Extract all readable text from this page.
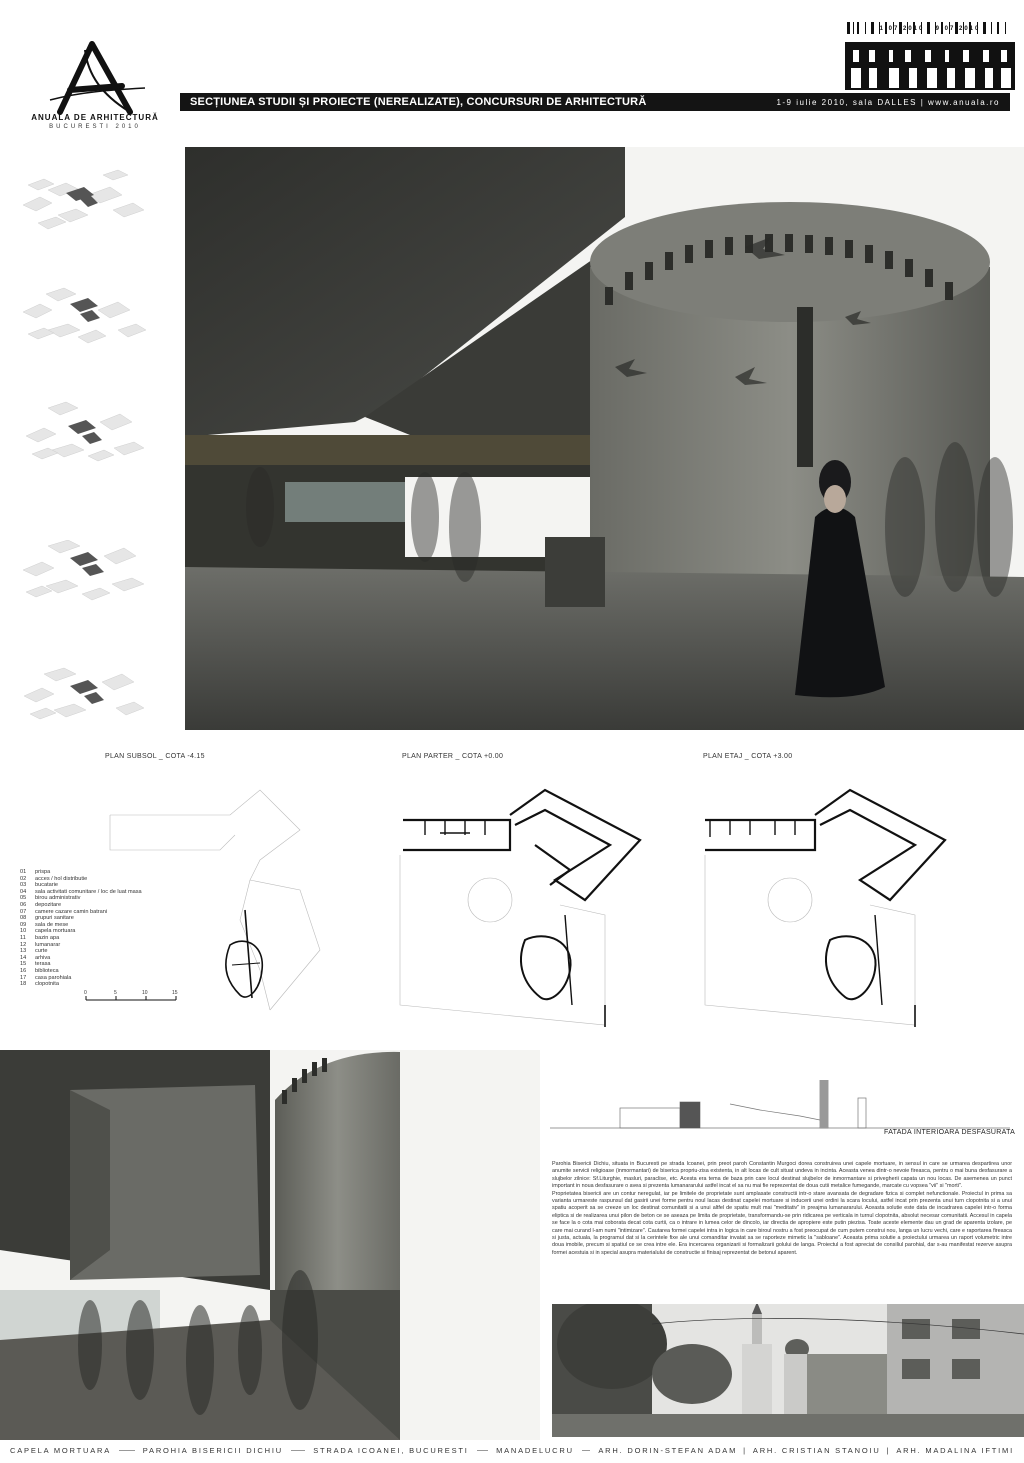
ANUALA DE ARHITECTURĂ
BUCURESTI 2010
1 07 2010 - 9 07 2010
SECȚIUNEA STUDII ȘI PROIECTE (NEREALIZATE), CONCURSURI DE ARHITECTURĂ	1-9 iulie 2010, sala DALLES | www.anuala.ro
PLAN SUBSOL _ COTA -4.15	PLAN PARTER _ COTA +0.00	PLAN ETAJ _ COTA +3.00
0	5	10	15
01 prispa
02 acces / hol distributie
03 bucatarie
04 sala activitati comunitare / loc de luat masa
05 birou administrativ
06 depozitare
07 camere cazare camin batrani
08 grupuri sanitare
09 sala de mese
10 capela mortuara
11 bazin apa
12 lumanarar
13 curte
14 arhiva
15 terasa
16 biblioteca
17 casa parohiala
18 clopotnita
FATADA INTERIOARA DESFASURATA

Parohia Bisericii Dichiu, situata in Bucuresti pe strada Icoanei, prin preot paroh Constantin Murgoci dorea construirea unei capele mortuare, in sensul in care se urmarea despartirea unor anumite servicii religioase (inmormantari) de biserica propriu-zisa existenta, in alt locas de cult situat undeva in incinta. Aceasta venea dintr-o nevoie fireasca, pentru o mai buna desfasurare a slujbelor zilnice: Sf.Liturghie, masluri, paraclise, etc. Acesta era tema de baza prin care locul destinat slujbelor de inmormantare si privegherii capata un nou locas. De asemenea un punct important in noua desfasurare o avea si prezenta lumanararului astfel incat el sa nu mai fie reprezentat de doua cutii metalice fumegande, marcate cu vopsea "vii" si "morti".

Proprietatea bisericii are un contur neregulat, iar pe limitele de proprietate sunt amplasate constructii intr-o stare avansata de degradare fizica si complet nefunctionale. Proiectul in prima sa varianta urmareste raspunsul dat gasirii unei forme pentru noul lacas destinat capelei mortuare si inducerii unei ordini la scara locului, astfel incat prin prezenta unui turn clopotnita si a unui spatiu acoperit sa se creeze un loc destinat comunitatii si a unui altfel de spatiu mult mai "meditativ" in preajma lumanararului. Aceasta solutie este data de incadrarea capelei intr-o forma eliptica si de realizarea unui pilon de beton ce se aseaza pe limita de proprietate, transformandu-se prin ridicarea pe verticala in turnul clopotnita, absolut necesar comunitatii. Accesul in capela se face la o cota mai coborata decat cota curtii, ca o intrare in lumea celor de dincolo, iar directia de apropiere este putin piezisa. Toate aceste elemente dau un grad de aparenta izolare, pe care mai curand l-am numi "intimizare". Cautarea formei capelei intra in logica in care biroul nostru a fost preocupat de cum putem construi nou, langa un lucru vechi, care e raportarea fireasca si justa, actuala, la programul dat si la cerintele fixe ale unui comanditar invatat sa se raporteze mimetic la "sabloane". Aceasta prima solutie a proiectului urmarea un raport volumetric intre doua imobile, precum si spatiul ce se crea intre ele. Era incercarea organizarii si formalizarii golului de langa. Proiectul a fost apreciat de consiliul parohial, dar s-au manifestat rezerve asupra formei acestuia si in special asupra materialului de constructie si finisaj reprezentat de betonul aparent.

CAPELA MORTUARA	PAROHIA BISERICII DICHIU	STRADA ICOANEI, BUCURESTI	MANADELUCRU	ARH. DORIN-STEFAN ADAM | ARH. CRISTIAN STANOIU | ARH. MADALINA IFTIMI
